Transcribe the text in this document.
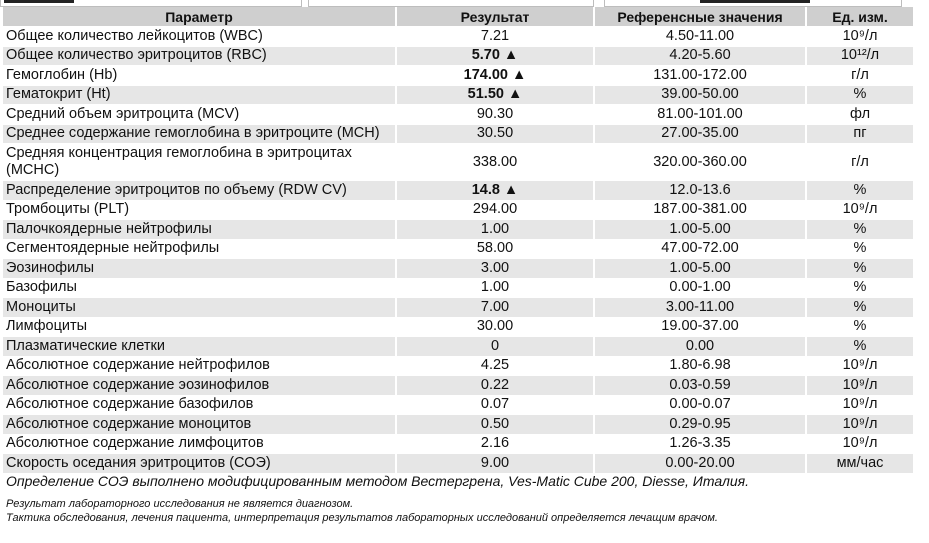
Параметр	Результат	Референсные значения	Ед. изм.
Общее количество лейкоцитов (WBC)	7.21	4.50-11.00	10⁹/л
Общее количество эритроцитов (RBC)	5.70 ▲	4.20-5.60	10¹²/л
Гемоглобин (Hb)	174.00 ▲	131.00-172.00	г/л
Гематокрит (Ht)	51.50 ▲	39.00-50.00	%
Средний объем эритроцита (MCV)	90.30	81.00-101.00	фл
Среднее содержание гемоглобина в эритроците (MCH)	30.50	27.00-35.00	пг
Средняя концентрация гемоглобина в эритроцитах (MCHC)	338.00	320.00-360.00	г/л
Распределение эритроцитов по объему (RDW CV)	14.8 ▲	12.0-13.6	%
Тромбоциты (PLT)	294.00	187.00-381.00	10⁹/л
Палочкоядерные нейтрофилы	1.00	1.00-5.00	%
Сегментоядерные нейтрофилы	58.00	47.00-72.00	%
Эозинофилы	3.00	1.00-5.00	%
Базофилы	1.00	0.00-1.00	%
Моноциты	7.00	3.00-11.00	%
Лимфоциты	30.00	19.00-37.00	%
Плазматические клетки	0	0.00	%
Абсолютное содержание нейтрофилов	4.25	1.80-6.98	10⁹/л
Абсолютное содержание эозинофилов	0.22	0.03-0.59	10⁹/л
Абсолютное содержание базофилов	0.07	0.00-0.07	10⁹/л
Абсолютное содержание моноцитов	0.50	0.29-0.95	10⁹/л
Абсолютное содержание лимфоцитов	2.16	1.26-3.35	10⁹/л
Скорость оседания эритроцитов (СОЭ)	9.00	0.00-20.00	мм/час
Определение СОЭ выполнено модифицированным методом Вестергрена, Ves-Matic Cube 200, Diesse, Италия.
Результат лабораторного исследования не является диагнозом.
Тактика обследования, лечения пациента, интерпретация результатов лабораторных исследований определяется лечащим врачом.
